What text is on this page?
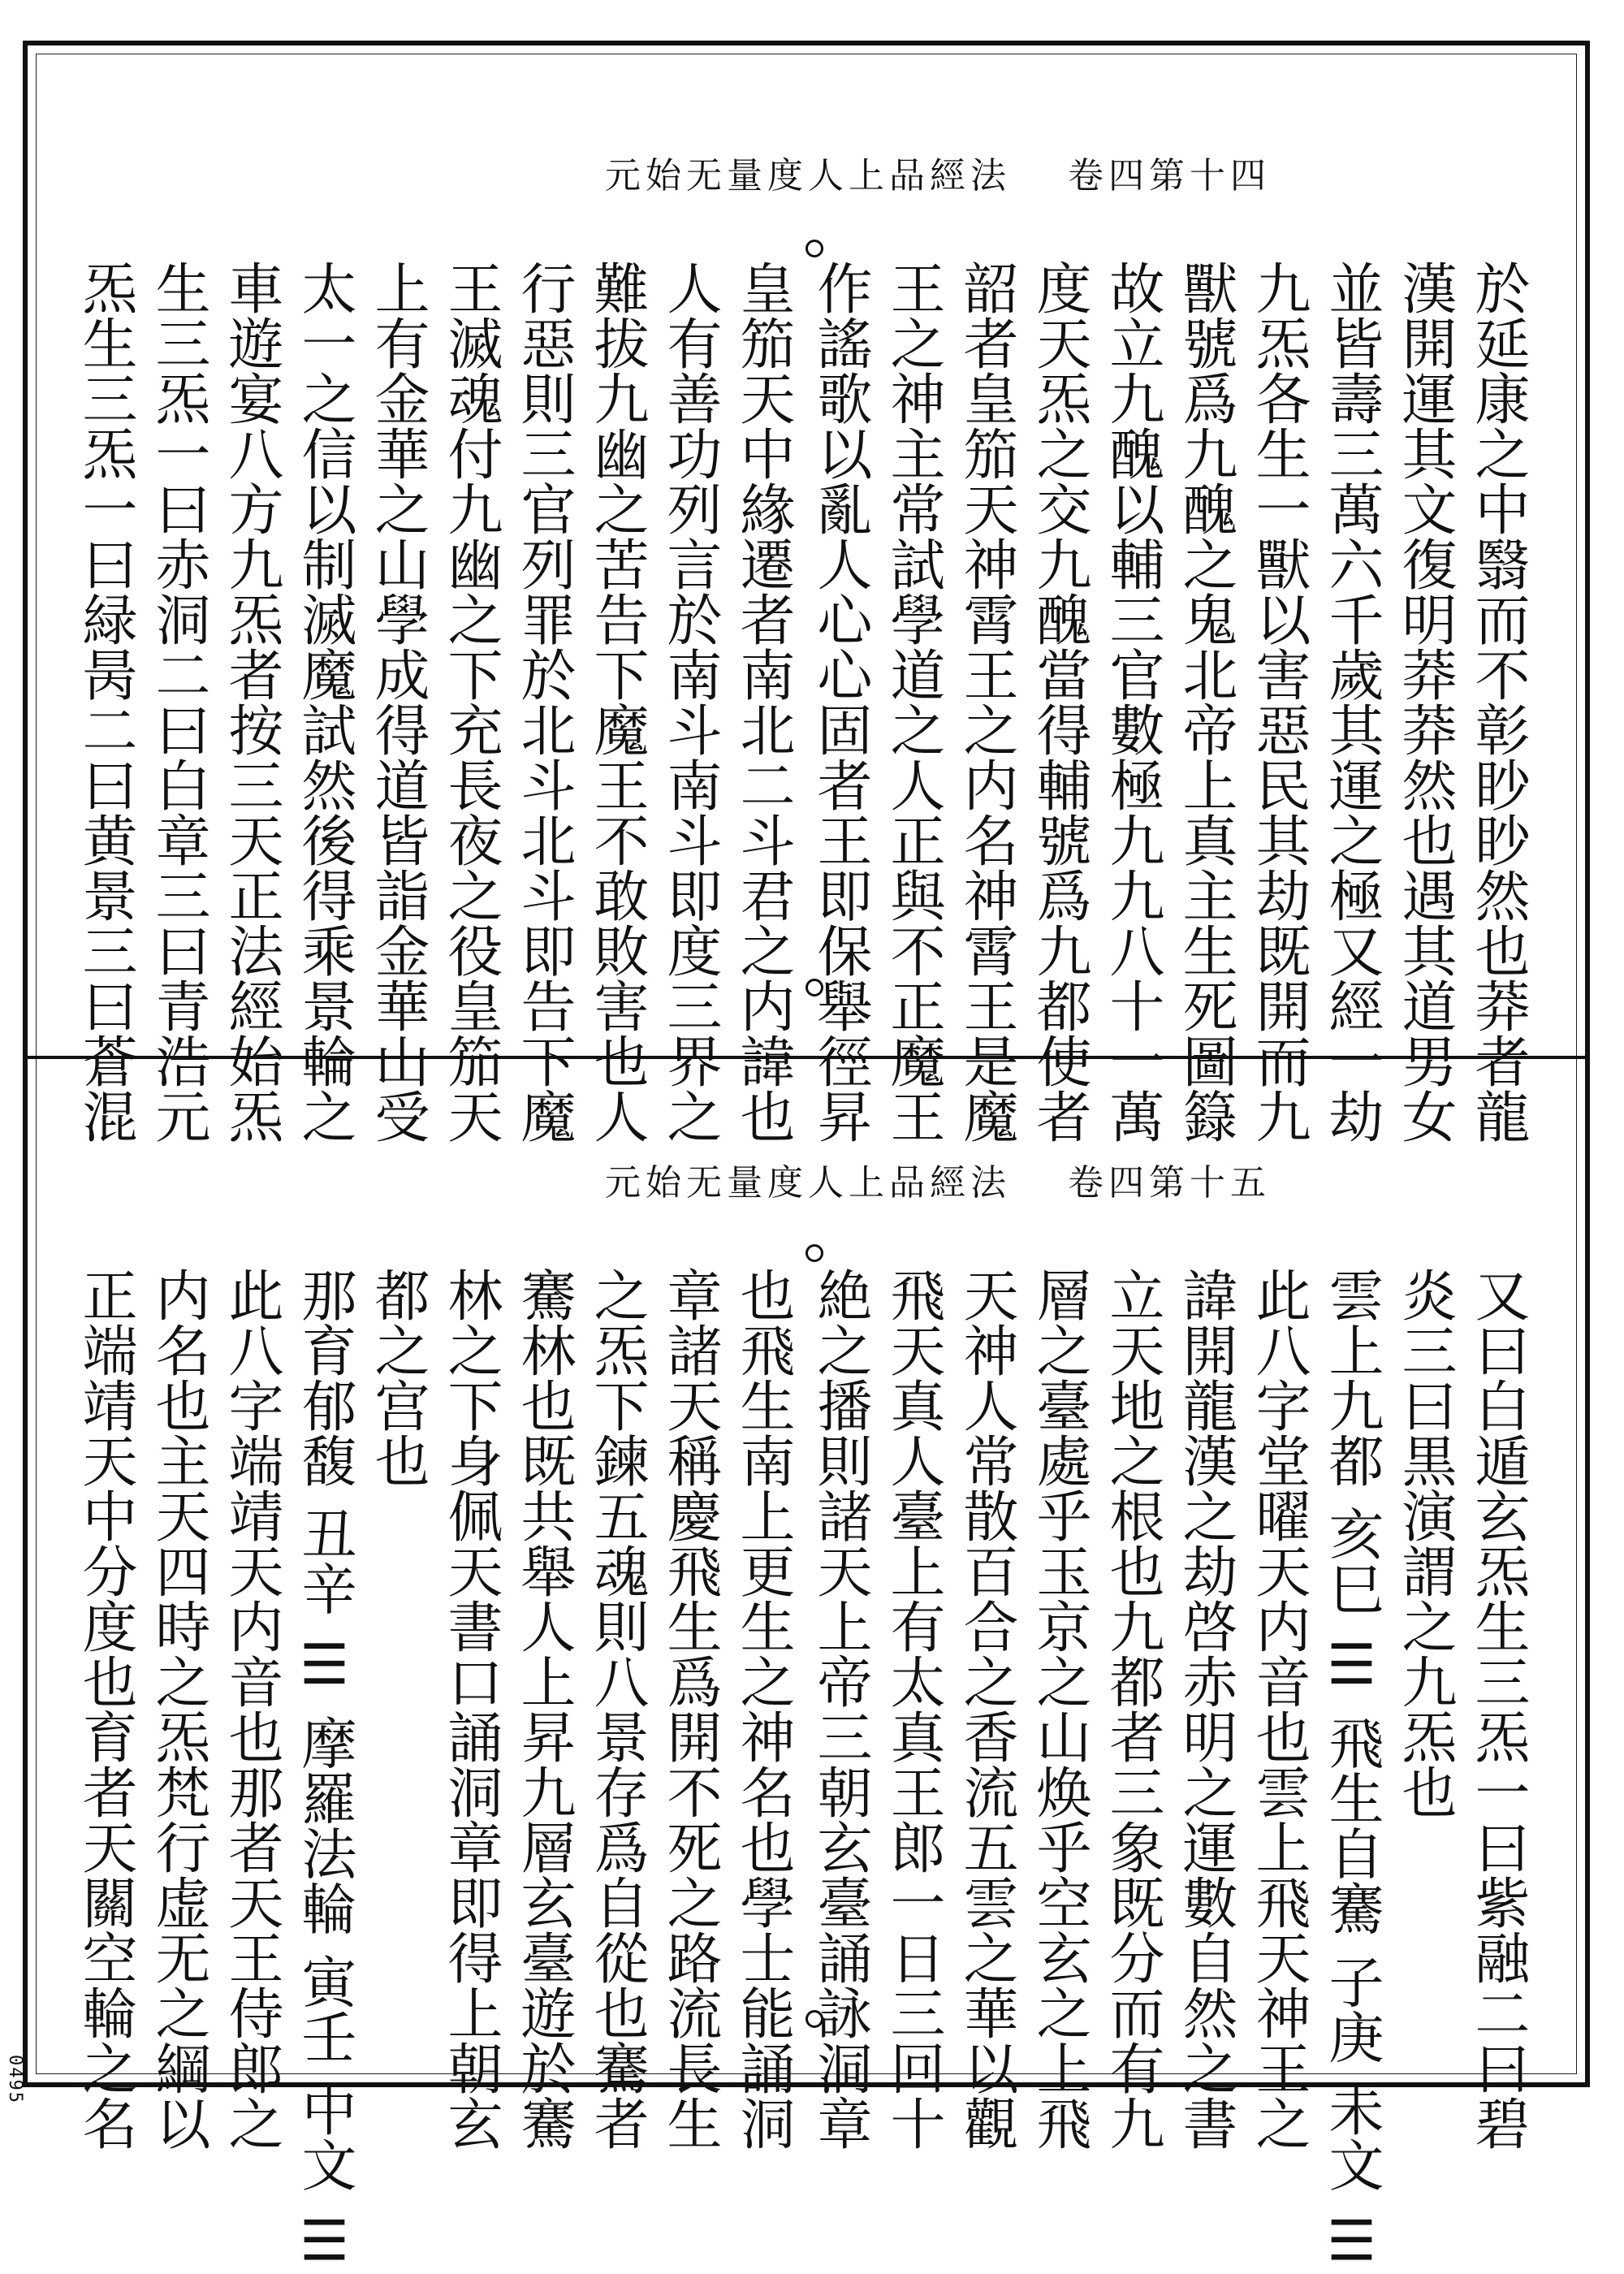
元始无量度人上品經法 卷四第十四
於延康之中翳而不彰眇眇然也莽者龍
漢開運其文復明莽莽然也遇其道男女
並皆壽三萬六千歲其運之極又經一劫
九炁各生一獸以害惡民其劫既開而九
獸號爲九醜之鬼北帝上真主生死圖籙
故立九醜以輔三官數極九九八十一萬
度天炁之交九醜當得輔號爲九都使者
韶者皇笳天神霄王之内名神霄王是魔
王之神主常試學道之人正與不正魔王
作謠歌以亂人心心固者王即保舉徑昇
皇笳天中緣遷者南北二斗君之内諱也
人有善功列言於南斗南斗即度三界之
難拔九幽之苦告下魔王不敢敗害也人
行惡則三官列罪於北斗北斗即告下魔
王滅魂付九幽之下充長夜之役皇笳天
上有金華之山學成得道皆詣金華山受
太一之信以制滅魔試然後得乘景輪之
車遊宴八方九炁者按三天正法經始炁
生三炁一曰赤洞二曰白章三曰青浩元
炁生三炁一曰緑昺二曰黄景三曰蒼混
元始无量度人上品經法 卷四第十五
又曰白遁玄炁生三炁一曰紫融二曰碧
炎三曰黒演謂之九炁也
雲上九都 亥巳 ☰ 飛生自騫 子庚 未文 ☰
此八字堂曜天内音也雲上飛天神王之
諱開龍漢之劫啓赤明之運數自然之書
立天地之根也九都者三象既分而有九
層之臺處乎玉京之山焕乎空玄之上飛
天神人常散百合之香流五雲之華以觀
飛天真人臺上有太真王郎一日三回十
絶之播則諸天上帝三朝玄臺誦詠洞章
也飛生南上更生之神名也學士能誦洞
章諸天稱慶飛生爲開不死之路流長生
之炁下鍊五魂則八景存爲自從也騫者
騫林也既共舉人上昇九層玄臺遊於騫
林之下身佩天書口誦洞章即得上朝玄
都之宫也
那育郁馥 丑辛 ☰ 摩羅法輪 寅壬 中文 ☰
此八字端靖天内音也那者天王侍郎之
内名也主天四時之炁梵行虚无之綱以
正端靖天中分度也育者天關空輪之名
0495
